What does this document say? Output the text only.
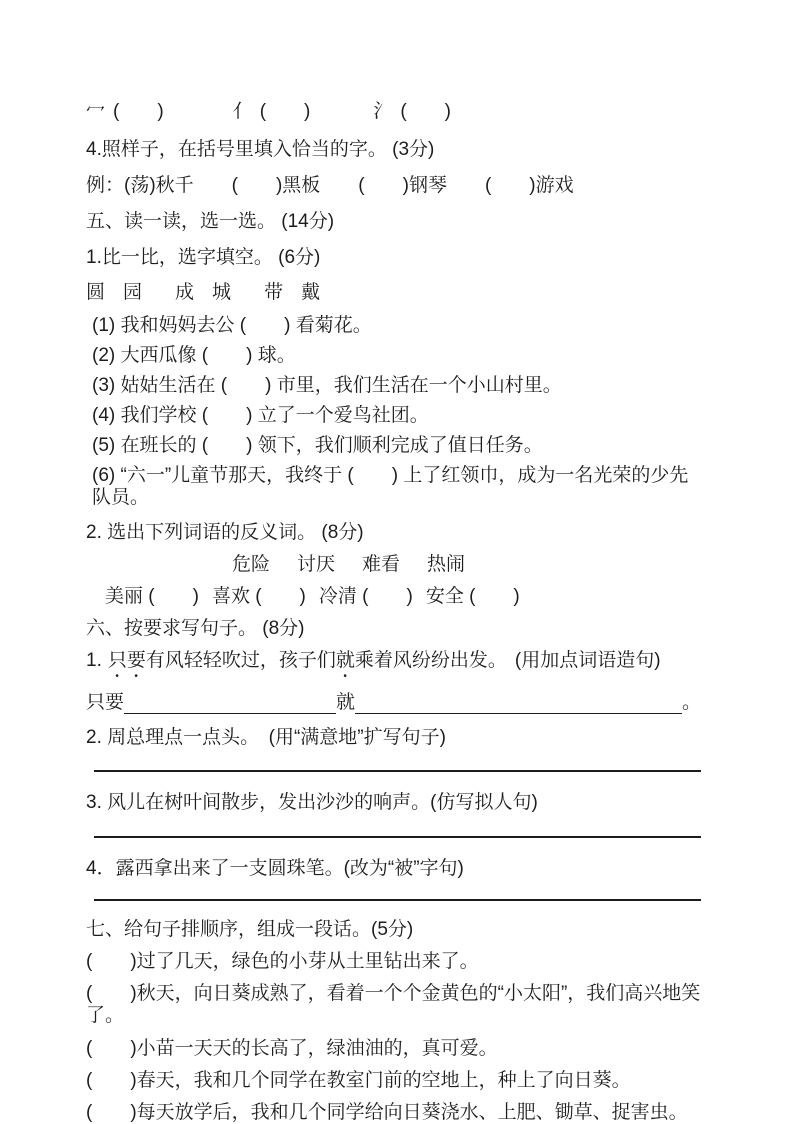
冖 (　　)	亻 (　　)	氵 (　　)
4.照样子，在括号里填入恰当的字。 (3分)
例：(荡)秋千　　(　　)黑板　　(　　)钢琴　　(　　)游戏
五、读一读，选一选。 (14分)
1.比一比，选字填空。 (6分)
圆 园 成 城 带 戴
(1) 我和妈妈去公 (　　) 看菊花。
(2) 大西瓜像 (　　) 球。
(3) 姑姑生活在 (　　) 市里，我们生活在一个小山村里。
(4) 我们学校 (　　) 立了一个爱鸟社团。
(5) 在班长的 (　　) 领下，我们顺利完成了值日任务。
(6) “六一”儿童节那天，我终于 (　　) 上了红领巾，成为一名光荣的少先队员。
2. 选出下列词语的反义词。 (8分)
危险 讨厌 难看 热闹
美丽 (　　) 喜欢 (　　) 冷清 (　　) 安全 (　　)
六、按要求写句子。 (8分)
1. 只要有风轻轻吹过，孩子们就乘着风纷纷出发。 (用加点词语造句)
只要	就	。
2. 周总理点一点头。　(用“满意地”扩写句子)
3. 风儿在树叶间散步，发出沙沙的响声。(仿写拟人句)
4．露西拿出来了一支圆珠笔。(改为“被”字句)
七、给句子排顺序，组成一段话。(5分)
(　　)过了几天，绿色的小芽从土里钻出来了。
(　　)秋天，向日葵成熟了，看着一个个金黄色的“小太阳”，我们高兴地笑了。
(　　)小苗一天天的长高了，绿油油的，真可爱。
(　　)春天，我和几个同学在教室门前的空地上，种上了向日葵。
(　　)每天放学后，我和几个同学给向日葵浇水、上肥、锄草、捉害虫。
